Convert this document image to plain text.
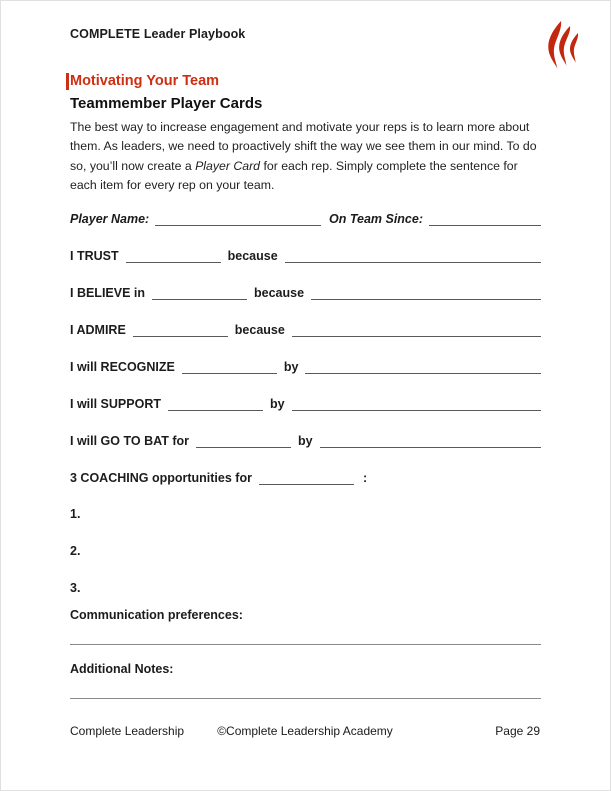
COMPLETE Leader Playbook
Motivating Your Team
Teammember Player Cards
The best way to increase engagement and motivate your reps is to learn more about
them. As leaders, we need to proactively shift the way we see them in our mind. To do
so, you’ll now create a Player Card for each rep. Simply complete the sentence for
each item for every rep on your team.
Player Name:	On Team Since:
I TRUST	because
I BELIEVE in	because
I ADMIRE	because
I will RECOGNIZE	by
I will SUPPORT	by
I will GO TO BAT for	by
3 COACHING opportunities for	:
1.
2.
3.
Communication preferences:
Additional Notes:
Complete Leadership	©Complete Leadership Academy	Page 29
